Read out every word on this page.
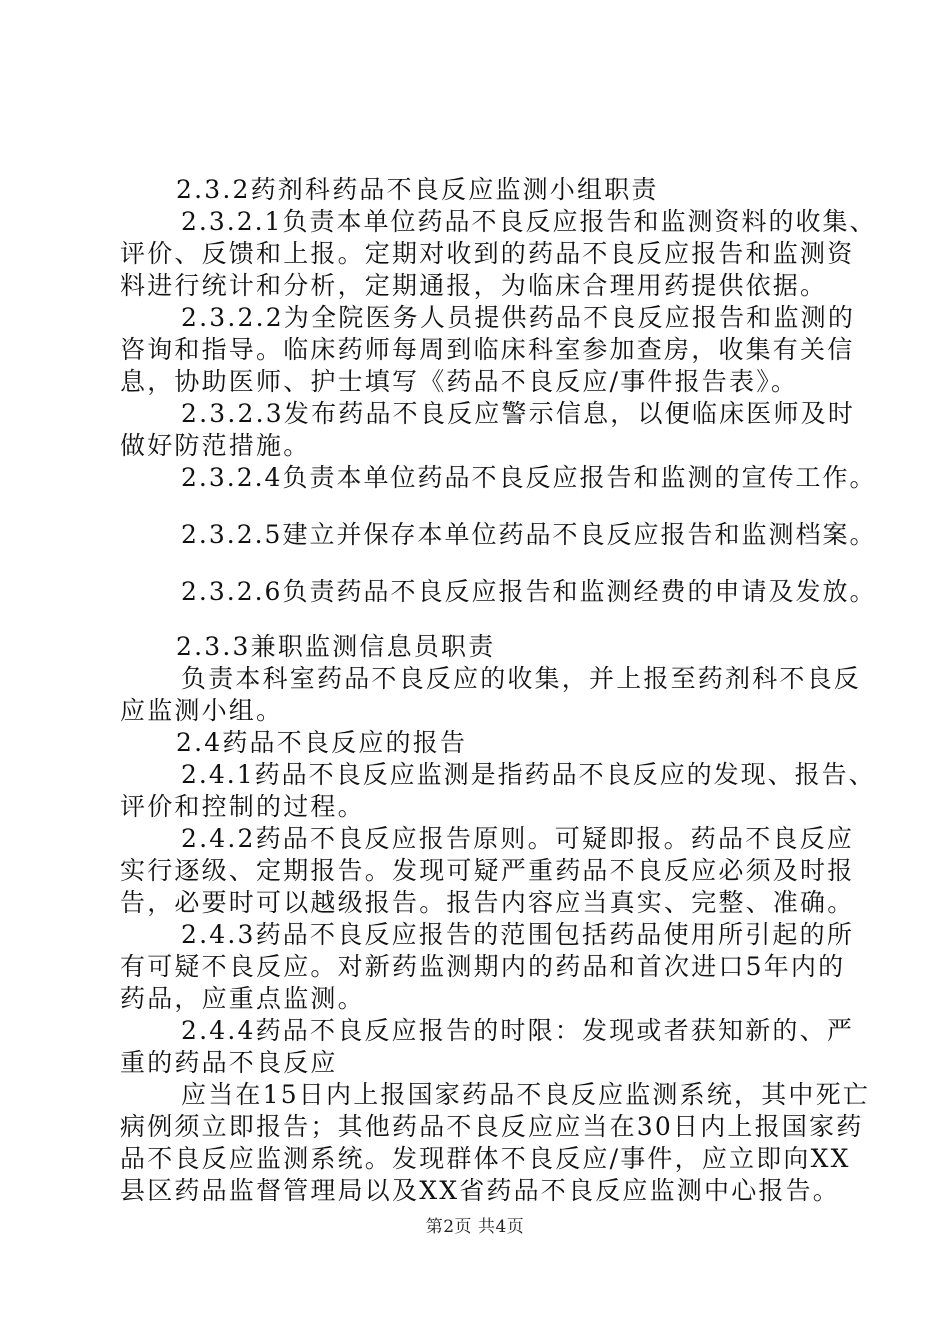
2.3.2药剂科药品不良反应监测小组职责
2.3.2.1负责本单位药品不良反应报告和监测资料的收集、
评价、反馈和上报。定期对收到的药品不良反应报告和监测资
料进行统计和分析，定期通报，为临床合理用药提供依据。
2.3.2.2为全院医务人员提供药品不良反应报告和监测的
咨询和指导。临床药师每周到临床科室参加查房，收集有关信
息，协助医师、护士填写《药品不良反应/事件报告表》。
2.3.2.3发布药品不良反应警示信息，以便临床医师及时
做好防范措施。
2.3.2.4负责本单位药品不良反应报告和监测的宣传工作。
2.3.2.5建立并保存本单位药品不良反应报告和监测档案。
2.3.2.6负责药品不良反应报告和监测经费的申请及发放。
2.3.3兼职监测信息员职责
负责本科室药品不良反应的收集，并上报至药剂科不良反
应监测小组。
2.4药品不良反应的报告
2.4.1药品不良反应监测是指药品不良反应的发现、报告、
评价和控制的过程。
2.4.2药品不良反应报告原则。可疑即报。药品不良反应
实行逐级、定期报告。发现可疑严重药品不良反应必须及时报
告，必要时可以越级报告。报告内容应当真实、完整、准确。
2.4.3药品不良反应报告的范围包括药品使用所引起的所
有可疑不良反应。对新药监测期内的药品和首次进口5年内的
药品，应重点监测。
2.4.4药品不良反应报告的时限：发现或者获知新的、严
重的药品不良反应
应当在15日内上报国家药品不良反应监测系统，其中死亡
病例须立即报告；其他药品不良反应应当在30日内上报国家药
品不良反应监测系统。发现群体不良反应/事件，应立即向XX
县区药品监督管理局以及XX省药品不良反应监测中心报告。
第2页 共4页
